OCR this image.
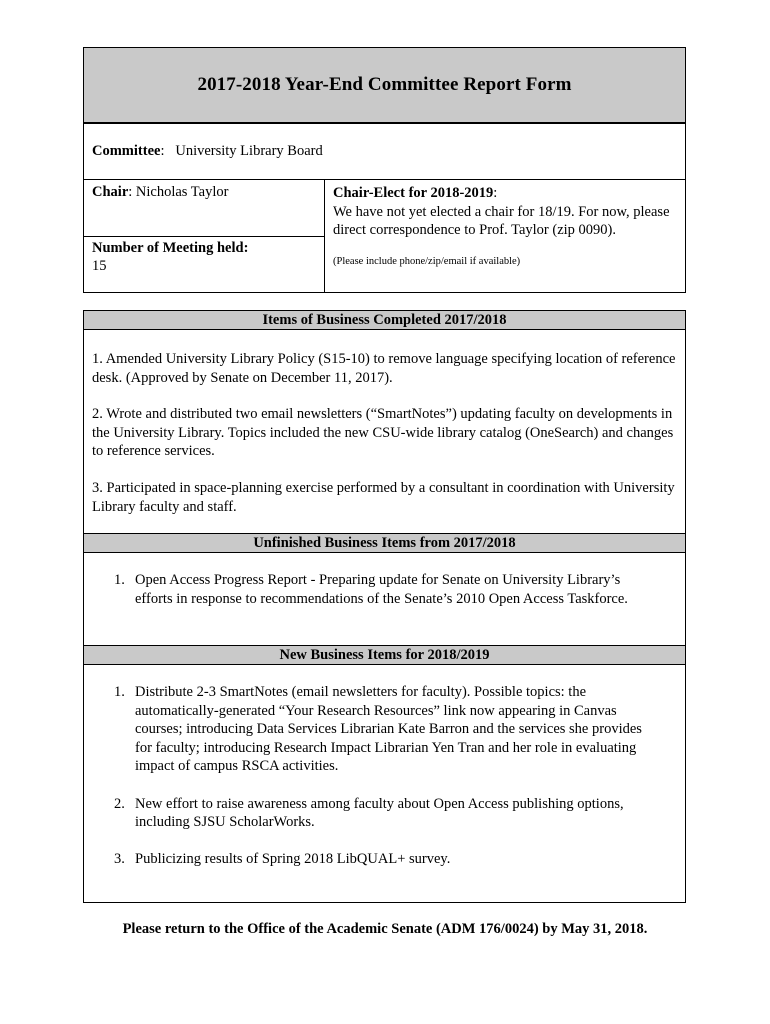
2017-2018 Year-End Committee Report Form
Committee:   University Library Board
Chair: Nicholas Taylor
Number of Meeting held:
15
Chair-Elect for 2018-2019:
We have not yet elected a chair for 18/19. For now, please direct correspondence to Prof. Taylor (zip 0090).
(Please include phone/zip/email if available)
Items of Business Completed 2017/2018

1. Amended University Library Policy (S15-10) to remove language specifying location of reference desk. (Approved by Senate on December 11, 2017).

2. Wrote and distributed two email newsletters (“SmartNotes”) updating faculty on developments in the University Library. Topics included the new CSU-wide library catalog (OneSearch) and changes to reference services.

3. Participated in space-planning exercise performed by a consultant in coordination with University Library faculty and staff.

Unfinished Business Items from 2017/2018
1. Open Access Progress Report - Preparing update for Senate on University Library’s efforts in response to recommendations of the Senate’s 2010 Open Access Taskforce.
New Business Items for 2018/2019
1. Distribute 2-3 SmartNotes (email newsletters for faculty). Possible topics: the automatically-generated “Your Research Resources” link now appearing in Canvas courses; introducing Data Services Librarian Kate Barron and the services she provides for faculty; introducing Research Impact Librarian Yen Tran and her role in evaluating impact of campus RSCA activities.
2. New effort to raise awareness among faculty about Open Access publishing options, including SJSU ScholarWorks.
3. Publicizing results of Spring 2018 LibQUAL+ survey.
Please return to the Office of the Academic Senate (ADM 176/0024) by May 31, 2018.
